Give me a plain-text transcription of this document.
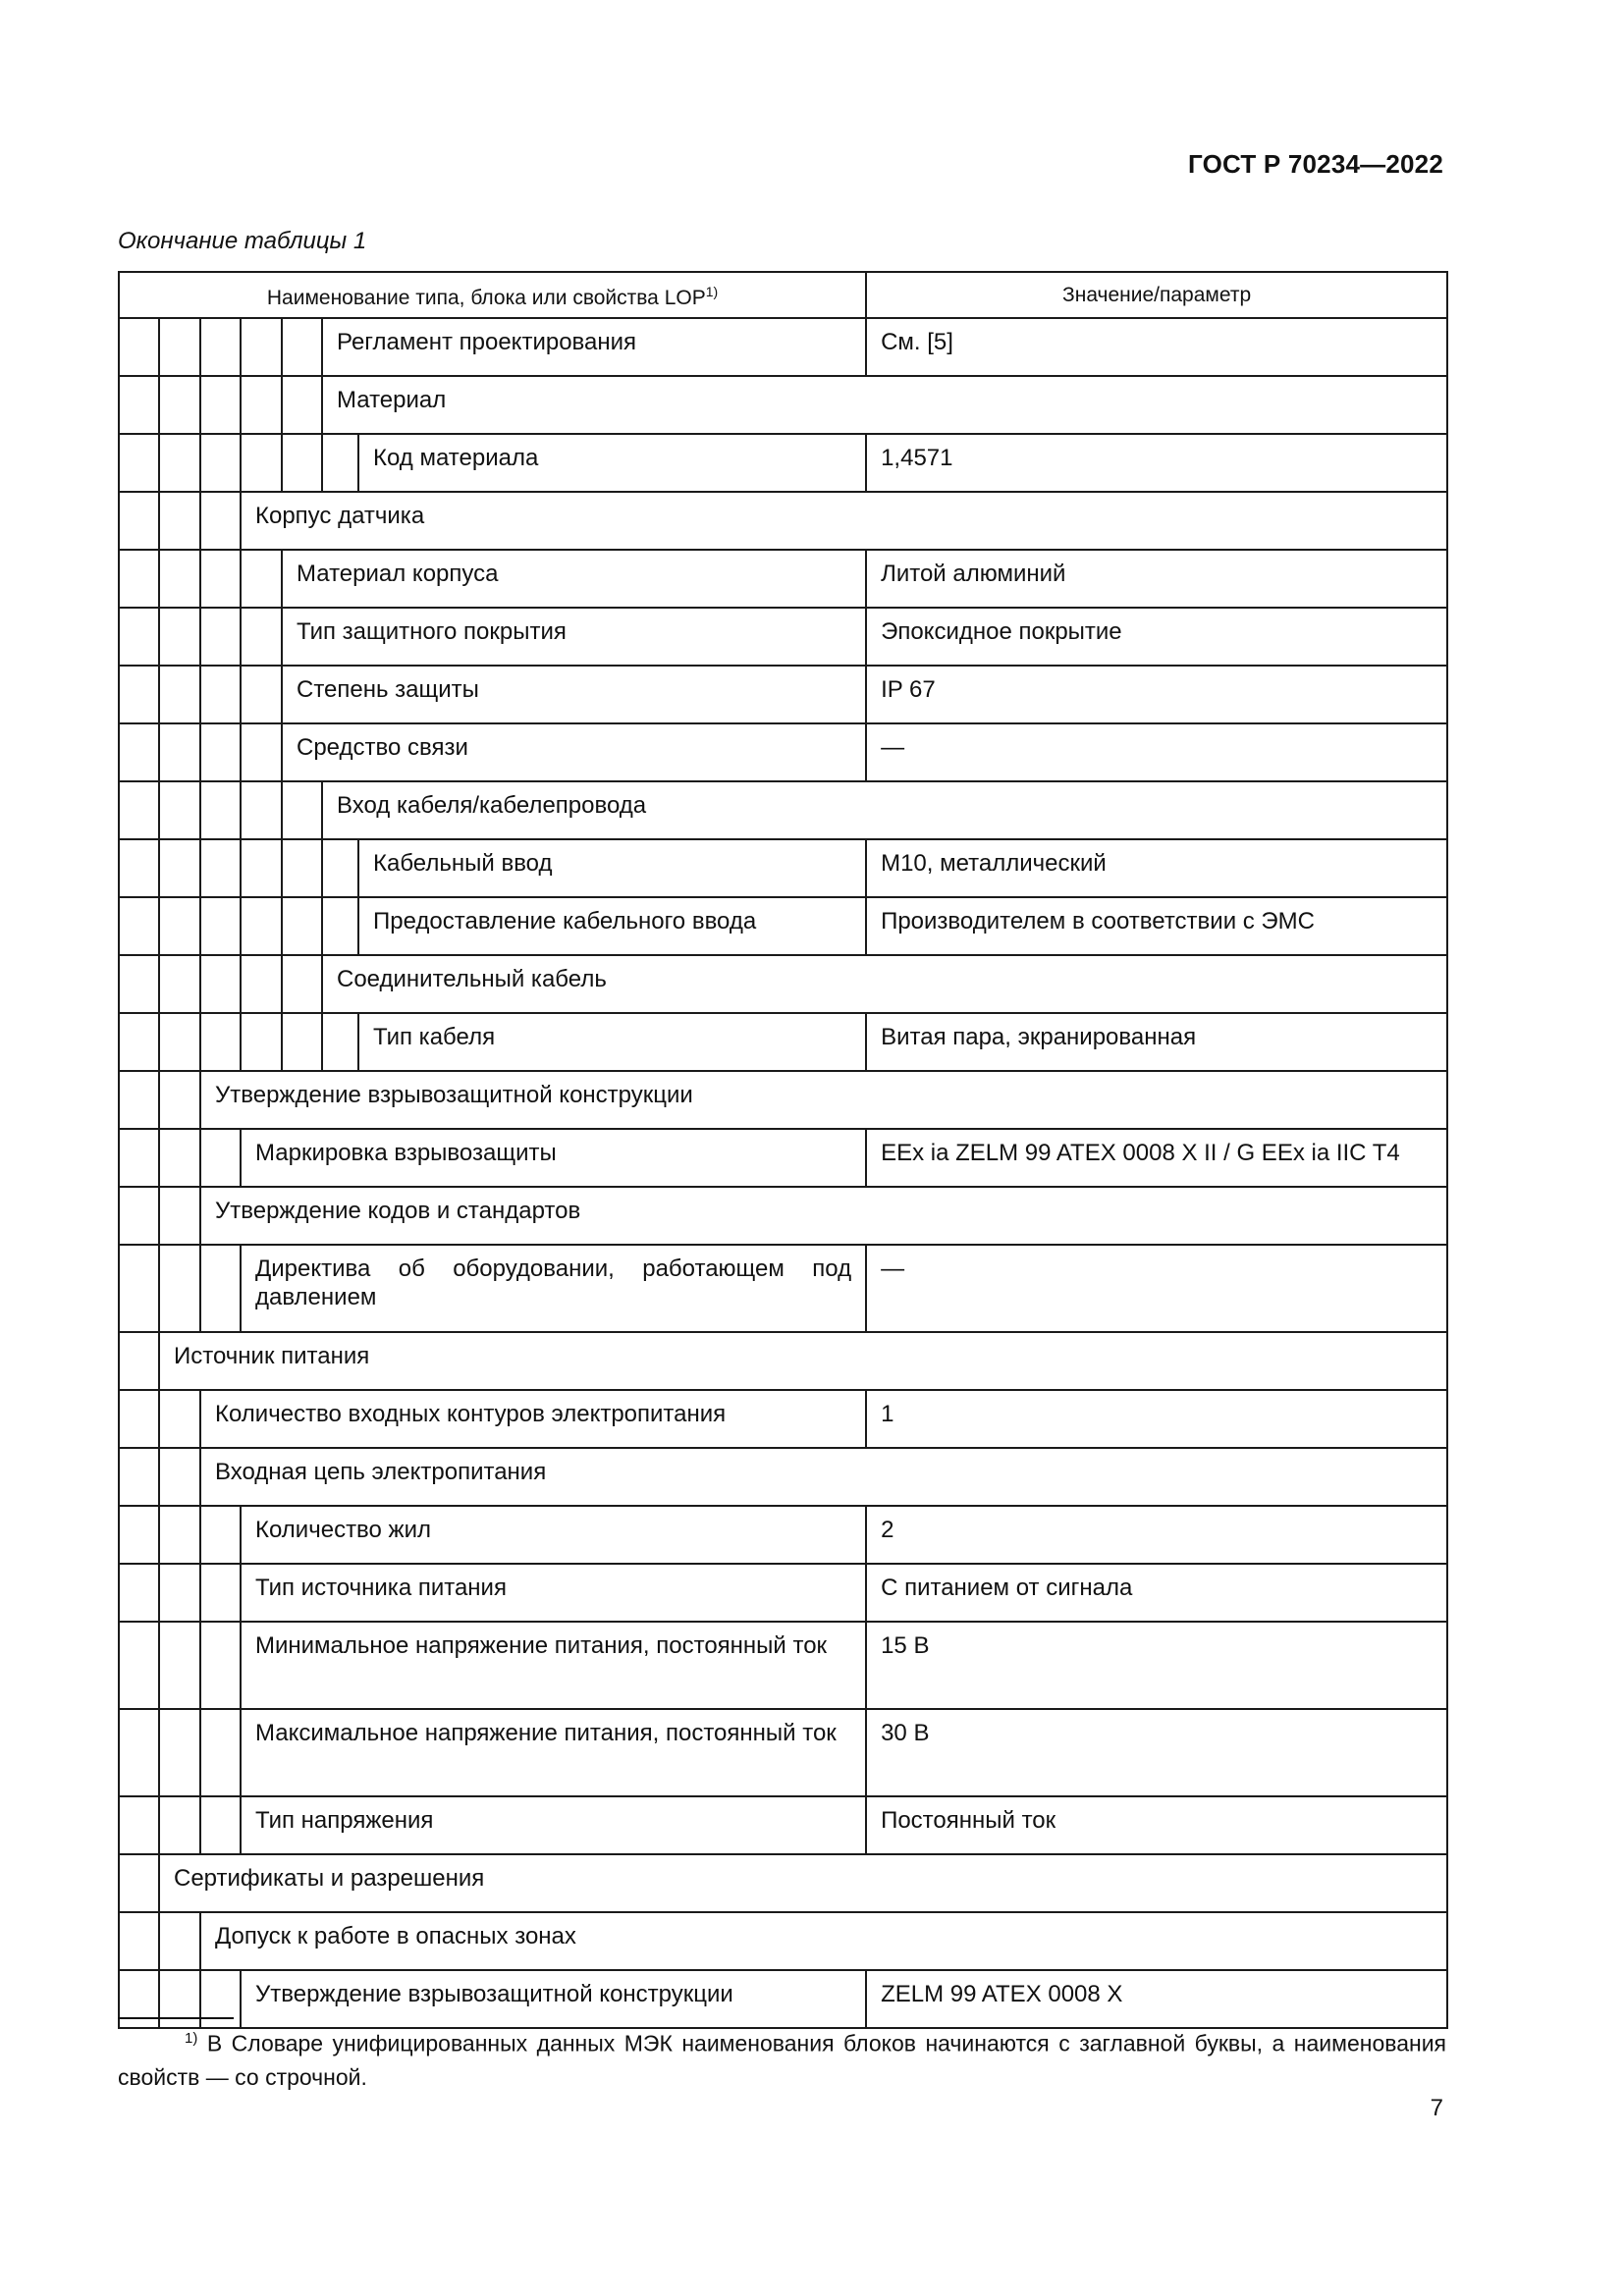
ГОСТ Р 70234—2022
Окончание таблицы 1
Наименование типа, блока или свойства LOP$^{1)}$							Значение/параметр
					Регламент проектирования		См. [5]
					Материал		
						Код материала	1,4571
			Корпус датчика				
				Материал корпуса			Литой алюминий
				Тип защитного покрытия			Эпоксидное покрытие
				Степень защиты			IP 67
				Средство связи			—
					Вход кабеля/кабелепровода		
						Кабельный ввод	M10, металлический
						Предоставление кабельного ввода	Производителем в соответствии с ЭМС
					Соединительный кабель		
						Тип кабеля	Витая пара, экранированная
		Утверждение взрывозащитной конструкции					
			Маркировка взрывозащиты				EEx ia ZELM 99 ATEX 0008 X II / G EEx ia IIC T4
		Утверждение кодов и стандартов					
			Директива об оборудовании, работающем под давлением				—
	Источник питания						
		Количество входных контуров электропитания					1
		Входная цепь электропитания					
			Количество жил				2
			Тип источника питания				С питанием от сигнала
			Минимальное напряжение питания, постоянный ток				15 В
			Максимальное напряжение питания, постоянный ток				30 В
			Тип напряжения				Постоянный ток
	Сертификаты и разрешения						
		Допуск к работе в опасных зонах					
			Утверждение взрывозащитной конструкции				ZELM 99 ATEX 0008 X
$^{1)}$ В Словаре унифицированных данных МЭК наименования блоков начинаются с заглавной буквы, а наименования свойств — со строчной.
7
